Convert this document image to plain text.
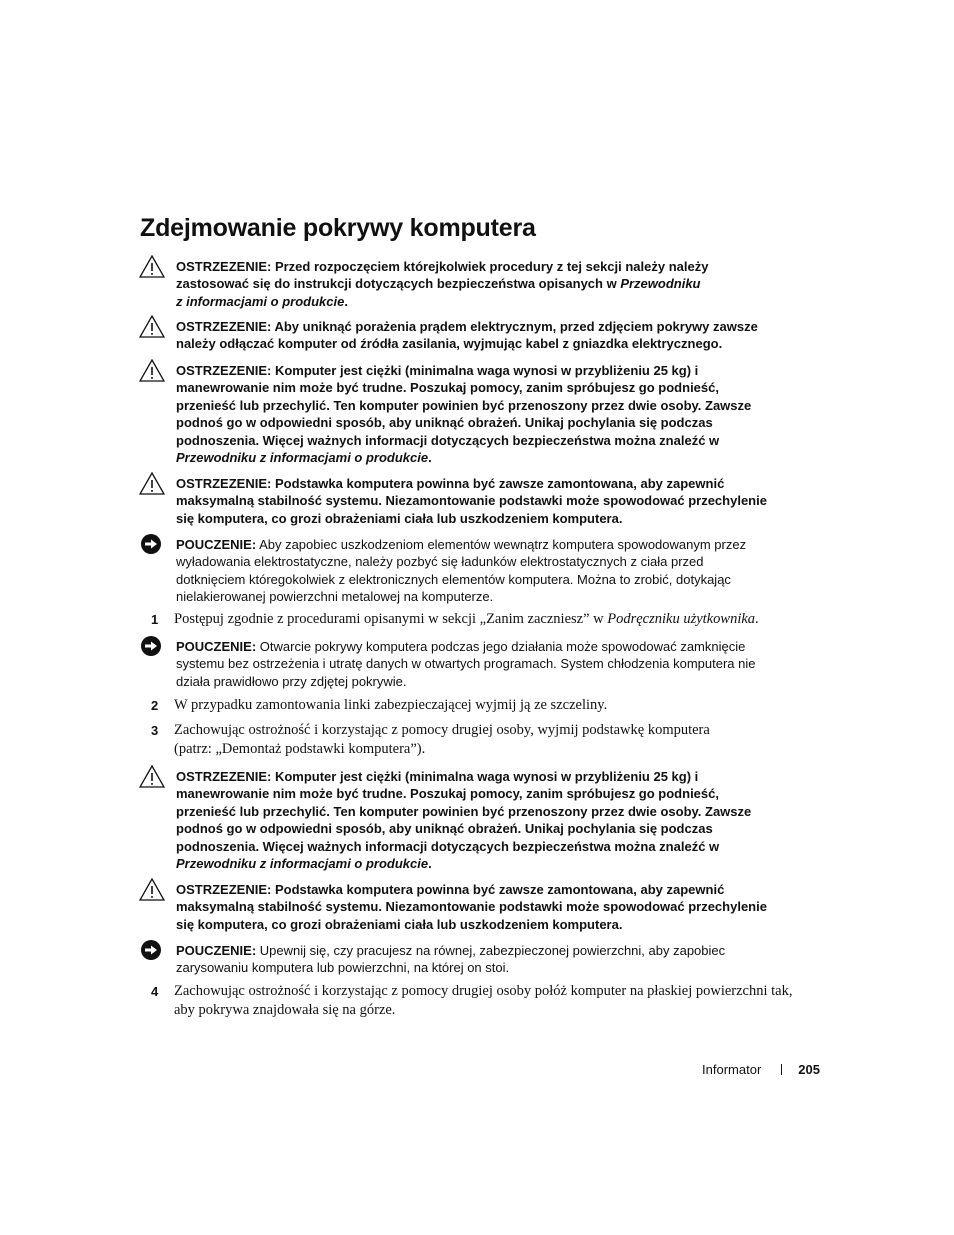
Zdejmowanie pokrywy komputera
OSTRZEZENIE: Przed rozpoczęciem którejkolwiek procedury z tej sekcji należy należy
zastosować się do instrukcji dotyczących bezpieczeństwa opisanych w Przewodniku
z informacjami o produkcie.
OSTRZEZENIE: Aby uniknąć porażenia prądem elektrycznym, przed zdjęciem pokrywy zawsze
należy odłączać komputer od źródła zasilania, wyjmując kabel z gniazdka elektrycznego.
OSTRZEZENIE: Komputer jest ciężki (minimalna waga wynosi w przybliżeniu 25 kg) i
manewrowanie nim może być trudne. Poszukaj pomocy, zanim spróbujesz go podnieść,
przenieść lub przechylić. Ten komputer powinien być przenoszony przez dwie osoby. Zawsze
podnoś go w odpowiedni sposób, aby uniknąć obrażeń. Unikaj pochylania się podczas
podnoszenia. Więcej ważnych informacji dotyczących bezpieczeństwa można znaleźć w
Przewodniku z informacjami o produkcie.
OSTRZEZENIE: Podstawka komputera powinna być zawsze zamontowana, aby zapewnić
maksymalną stabilność systemu. Niezamontowanie podstawki może spowodować przechylenie
się komputera, co grozi obrażeniami ciała lub uszkodzeniem komputera.
POUCZENIE: Aby zapobiec uszkodzeniom elementów wewnątrz komputera spowodowanym przez
wyładowania elektrostatyczne, należy pozbyć się ładunków elektrostatycznych z ciała przed
dotknięciem któregokolwiek z elektronicznych elementów komputera. Można to zrobić, dotykając
nielakierowanej powierzchni metalowej na komputerze.
1 Postępuj zgodnie z procedurami opisanymi w sekcji „Zanim zaczniesz” w Podręczniku użytkownika.
POUCZENIE: Otwarcie pokrywy komputera podczas jego działania może spowodować zamknięcie
systemu bez ostrzeżenia i utratę danych w otwartych programach. System chłodzenia komputera nie
działa prawidłowo przy zdjętej pokrywie.
2 W przypadku zamontowania linki zabezpieczającej wyjmij ją ze szczeliny.
3 Zachowując ostrożność i korzystając z pomocy drugiej osoby, wyjmij podstawkę komputera
(patrz: „Demontaż podstawki komputera”).
OSTRZEZENIE: Komputer jest ciężki (minimalna waga wynosi w przybliżeniu 25 kg) i
manewrowanie nim może być trudne. Poszukaj pomocy, zanim spróbujesz go podnieść,
przenieść lub przechylić. Ten komputer powinien być przenoszony przez dwie osoby. Zawsze
podnoś go w odpowiedni sposób, aby uniknąć obrażeń. Unikaj pochylania się podczas
podnoszenia. Więcej ważnych informacji dotyczących bezpieczeństwa można znaleźć w
Przewodniku z informacjami o produkcie.
OSTRZEZENIE: Podstawka komputera powinna być zawsze zamontowana, aby zapewnić
maksymalną stabilność systemu. Niezamontowanie podstawki może spowodować przechylenie
się komputera, co grozi obrażeniami ciała lub uszkodzeniem komputera.
POUCZENIE: Upewnij się, czy pracujesz na równej, zabezpieczonej powierzchni, aby zapobiec
zarysowaniu komputera lub powierzchni, na której on stoi.
4 Zachowując ostrożność i korzystając z pomocy drugiej osoby połóż komputer na płaskiej powierzchni tak,
aby pokrywa znajdowała się na górze.
Informator	205
